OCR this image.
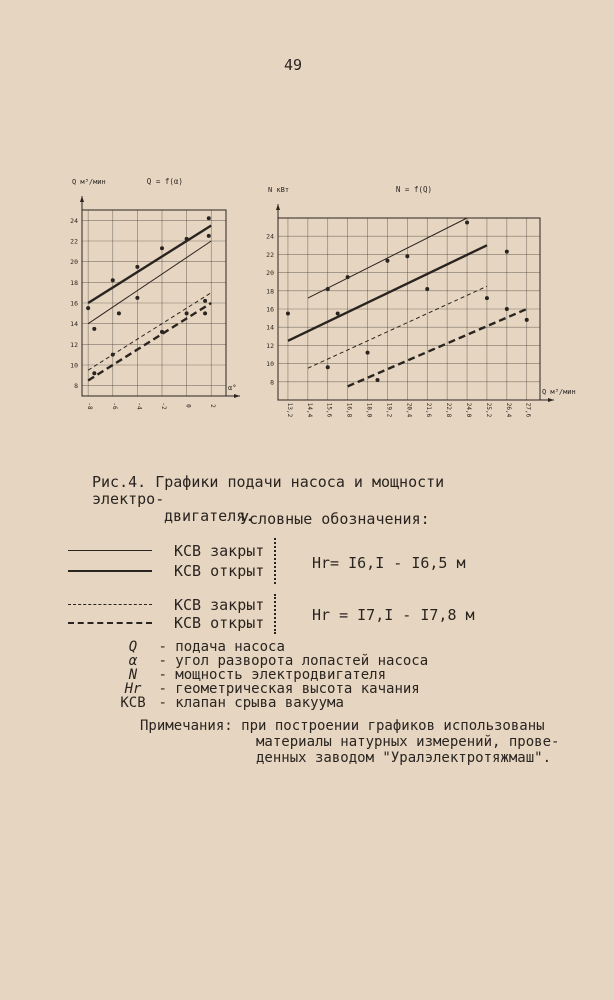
49
8
10
12
14
16
18
20
22
24
-8	-6	-4	-2	0	2
Q м³/мин	Q = f(α)
α°
8
10
12
14
16
18
20
22
24
13,2 14,4 15,6 16,8 18,0 19,2 20,4 21,6 22,8 24,0 25,2 26,4 27,6
N кВт	N = f(Q)
Q м³/мин
Рис.4. Графики подачи насоса и мощности электро-
двигателя.
Условные обозначения:
КСВ закрыт
КСВ открыт
КСВ закрыт
КСВ открыт
Hr= I6,I - I6,5 м
Hr = I7,I - I7,8 м
Q - подача насоса
α - угол разворота лопастей насоса
N - мощность электродвигателя
Hr - геометрическая высота качания
КСВ - клапан срыва вакуума
Примечания: при построении графиков использованы
материалы натурных измерений, прове-
денных заводом "Уралэлектротяжмаш".
